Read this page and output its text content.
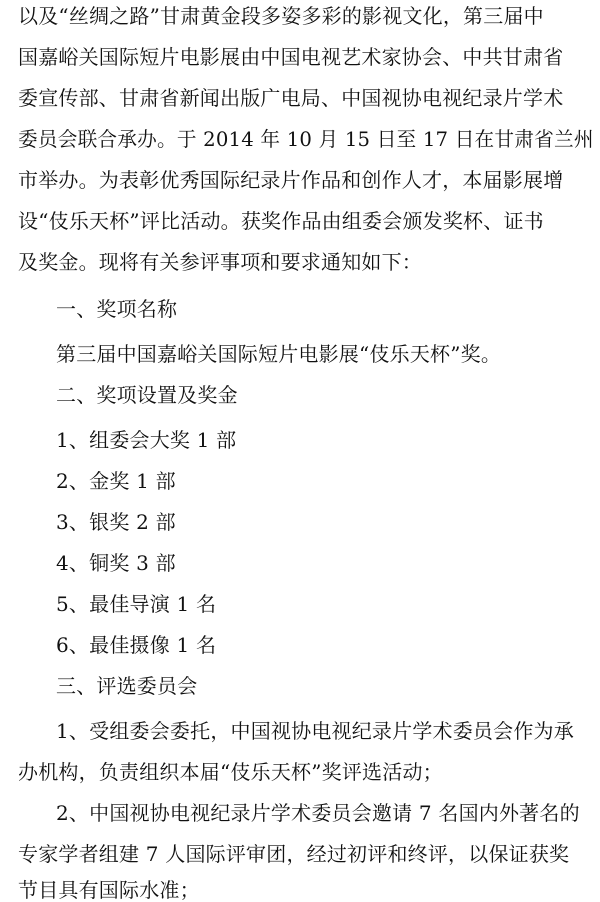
以及“丝绸之路”甘肃黄金段多姿多彩的影视文化，第三届中
国嘉峪关国际短片电影展由中国电视艺术家协会、中共甘肃省
委宣传部、甘肃省新闻出版广电局、中国视协电视纪录片学术
委员会联合承办。于 2014 年 10 月 15 日至 17 日在甘肃省兰州
市举办。为表彰优秀国际纪录片作品和创作人才，本届影展增
设“伎乐天杯”评比活动。获奖作品由组委会颁发奖杯、证书
及奖金。现将有关参评事项和要求通知如下：
一、奖项名称
第三届中国嘉峪关国际短片电影展“伎乐天杯”奖。
二、奖项设置及奖金
1、组委会大奖 1 部
2、金奖 1 部
3、银奖 2 部
4、铜奖 3 部
5、最佳导演 1 名
6、最佳摄像 1 名
三、评选委员会
1、受组委会委托，中国视协电视纪录片学术委员会作为承
办机构，负责组织本届“伎乐天杯”奖评选活动；
2、中国视协电视纪录片学术委员会邀请 7 名国内外著名的
专家学者组建 7 人国际评审团，经过初评和终评，以保证获奖
节目具有国际水准；
